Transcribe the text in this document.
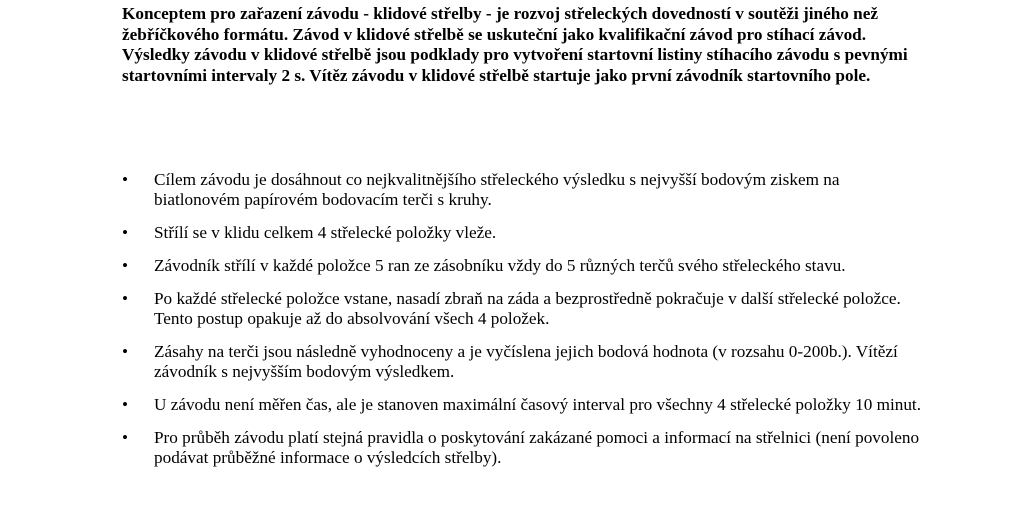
Konceptem pro zařazení závodu - klidové střelby - je rozvoj střeleckých dovedností v soutěži jiného než žebříčkového formátu. Závod v klidové střelbě se uskuteční jako kvalifikační závod pro stíhací závod. Výsledky závodu v klidové střelbě jsou podklady pro vytvoření startovní listiny stíhacího závodu s pevnými startovními intervaly 2 s. Vítěz závodu v klidové střelbě startuje jako první závodník startovního pole.

• Cílem závodu je dosáhnout co nejkvalitnějšího střeleckého výsledku s nejvyšší bodovým ziskem na biatlonovém papírovém bodovacím terči s kruhy.
• Střílí se v klidu celkem 4 střelecké položky vleže.
• Závodník střílí v každé položce 5 ran ze zásobníku vždy do 5 různých terčů svého střeleckého stavu.
• Po každé střelecké položce vstane, nasadí zbraň na záda a bezprostředně pokračuje v další střelecké položce. Tento postup opakuje až do absolvování všech 4 položek.
• Zásahy na terči jsou následně vyhodnoceny a je vyčíslena jejich bodová hodnota (v rozsahu 0-200b.). Vítězí závodník s nejvyšším bodovým výsledkem.
• U závodu není měřen čas, ale je stanoven maximální časový interval pro všechny 4 střelecké položky 10 minut.
• Pro průběh závodu platí stejná pravidla o poskytování zakázané pomoci a informací na střelnici (není povoleno podávat průběžné informace o výsledcích střelby).
